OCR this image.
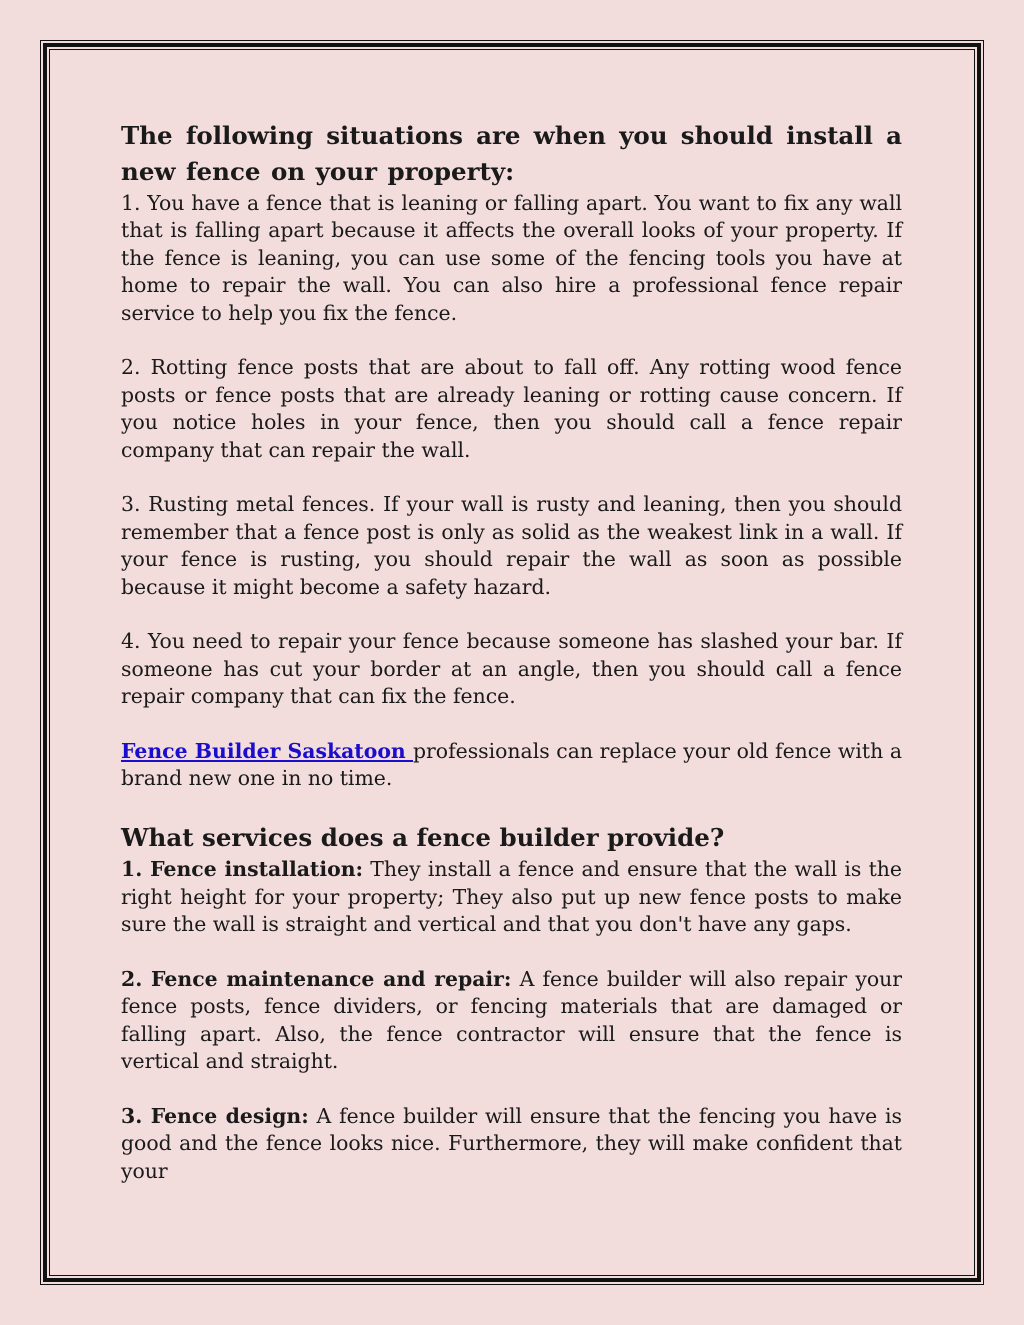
The following situations are when you should install a new fence on your property:

1. You have a fence that is leaning or falling apart. You want to fix any wall that is falling apart because it affects the overall looks of your property. If the fence is leaning, you can use some of the fencing tools you have at home to repair the wall. You can also hire a professional fence repair service to help you fix the fence.

2. Rotting fence posts that are about to fall off. Any rotting wood fence posts or fence posts that are already leaning or rotting cause concern. If you notice holes in your fence, then you should call a fence repair company that can repair the wall.

3. Rusting metal fences. If your wall is rusty and leaning, then you should remember that a fence post is only as solid as the weakest link in a wall. If your fence is rusting, you should repair the wall as soon as possible because it might become a safety hazard.

4. You need to repair your fence because someone has slashed your bar. If someone has cut your border at an angle, then you should call a fence repair company that can fix the fence.

Fence Builder Saskatoon professionals can replace your old fence with a brand new one in no time.

What services does a fence builder provide?

1. Fence installation: They install a fence and ensure that the wall is the right height for your property; They also put up new fence posts to make sure the wall is straight and vertical and that you don't have any gaps.

2. Fence maintenance and repair: A fence builder will also repair your fence posts, fence dividers, or fencing materials that are damaged or falling apart. Also, the fence contractor will ensure that the fence is vertical and straight.

3. Fence design: A fence builder will ensure that the fencing you have is good and the fence looks nice. Furthermore, they will make confident that your
